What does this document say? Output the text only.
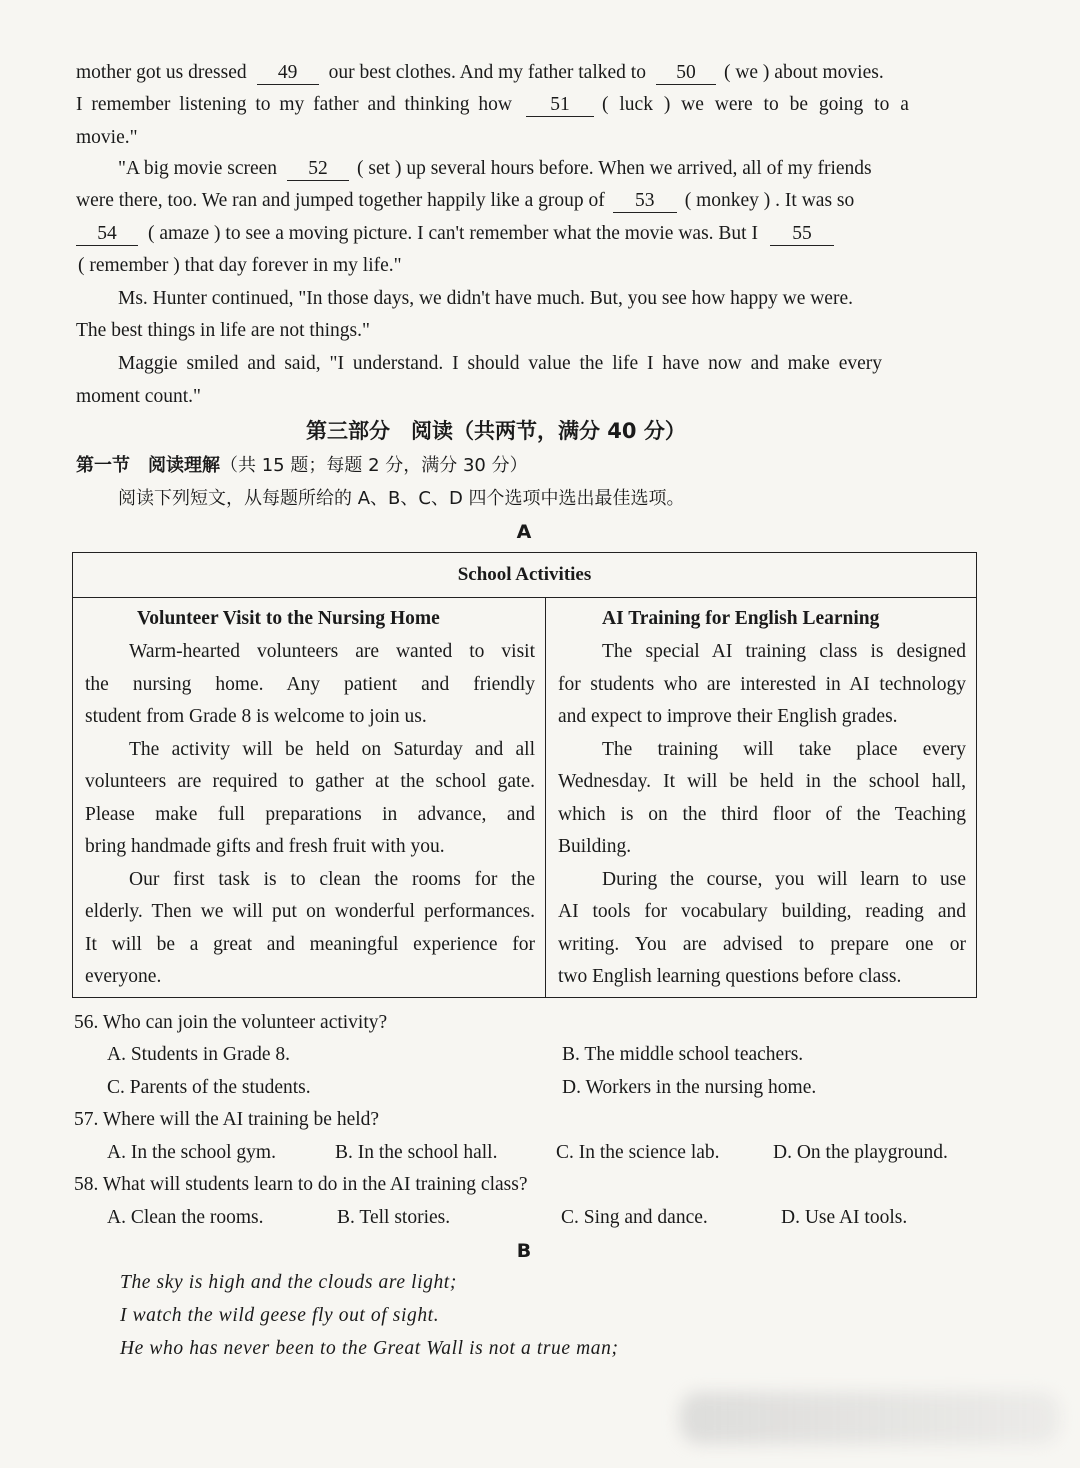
mother got us dressed 49 our best clothes. And my father talked to 50 ( we ) about movies.
I remember listening to my father and thinking how 51 ( luck ) we were to be going to a
movie."
"A big movie screen 52 ( set ) up several hours before. When we arrived, all of my friends
were there, too. We ran and jumped together happily like a group of 53 ( monkey ) . It was so
54 ( amaze ) to see a moving picture. I can't remember what the movie was. But I 55
( remember ) that day forever in my life."
Ms. Hunter continued, "In those days, we didn't have much. But, you see how happy we were.
The best things in life are not things."
Maggie smiled and said, "I understand. I should value the life I have now and make every
moment count."
第三部分　阅读（共两节，满分 40 分）
第一节　阅读理解（共 15 题；每题 2 分，满分 30 分）
阅读下列短文，从每题所给的 A、B、C、D 四个选项中选出最佳选项。
A
School Activities

Volunteer Visit to the Nursing Home
Warm-hearted volunteers are wanted to visit
the nursing home. Any patient and friendly
student from Grade 8 is welcome to join us.
The activity will be held on Saturday and all
volunteers are required to gather at the school gate.
Please make full preparations in advance, and
bring handmade gifts and fresh fruit with you.
Our first task is to clean the rooms for the
elderly. Then we will put on wonderful performances.
It will be a great and meaningful experience for
everyone.

AI Training for English Learning
The special AI training class is designed
for students who are interested in AI technology
and expect to improve their English grades.
The training will take place every
Wednesday. It will be held in the school hall,
which is on the third floor of the Teaching
Building.
During the course, you will learn to use
AI tools for vocabulary building, reading and
writing. You are advised to prepare one or
two English learning questions before class.
56. Who can join the volunteer activity?
A. Students in Grade 8.	B. The middle school teachers.
C. Parents of the students.	D. Workers in the nursing home.
57. Where will the AI training be held?
A. In the school gym.	B. In the school hall.	C. In the science lab.	D. On the playground.
58. What will students learn to do in the AI training class?
A. Clean the rooms.	B. Tell stories.	C. Sing and dance.	D. Use AI tools.
B
The sky is high and the clouds are light;
I watch the wild geese fly out of sight.
He who has never been to the Great Wall is not a true man;
